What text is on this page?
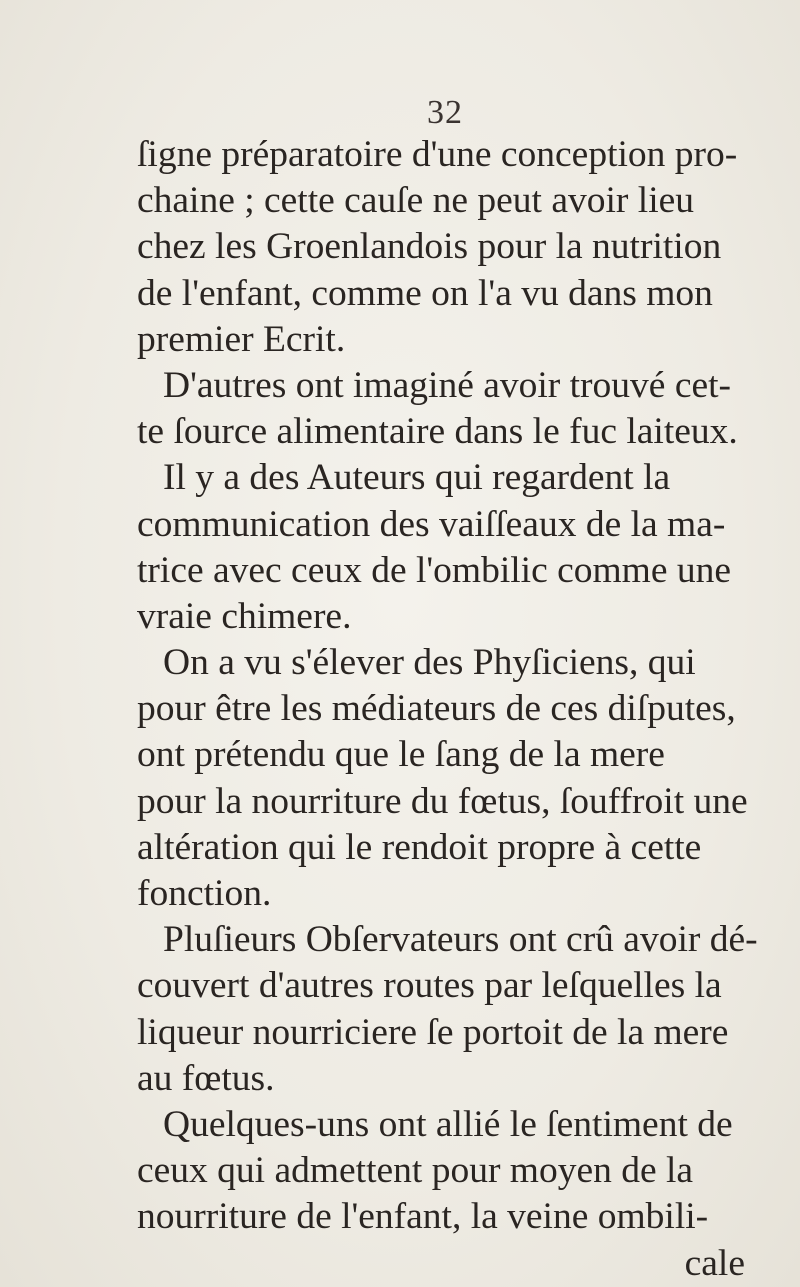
32
ſigne préparatoire d'une conception pro-
chaine ; cette cauſe ne peut avoir lieu
chez les Groenlandois pour la nutrition
de l'enfant, comme on l'a vu dans mon
premier Ecrit.
D'autres ont imaginé avoir trouvé cet-
te ſource alimentaire dans le fuc laiteux.
Il y a des Auteurs qui regardent la
communication des vaiſſeaux de la ma-
trice avec ceux de l'ombilic comme une
vraie chimere.
On a vu s'élever des Phyſiciens, qui
pour être les médiateurs de ces diſputes,
ont prétendu que le ſang de la mere
pour la nourriture du fœtus, ſouffroit une
altération qui le rendoit propre à cette
fonction.
Pluſieurs Obſervateurs ont crû avoir dé-
couvert d'autres routes par leſquelles la
liqueur nourriciere ſe portoit de la mere
au fœtus.
Quelques-uns ont allié le ſentiment de
ceux qui admettent pour moyen de la
nourriture de l'enfant, la veine ombili-
cale
